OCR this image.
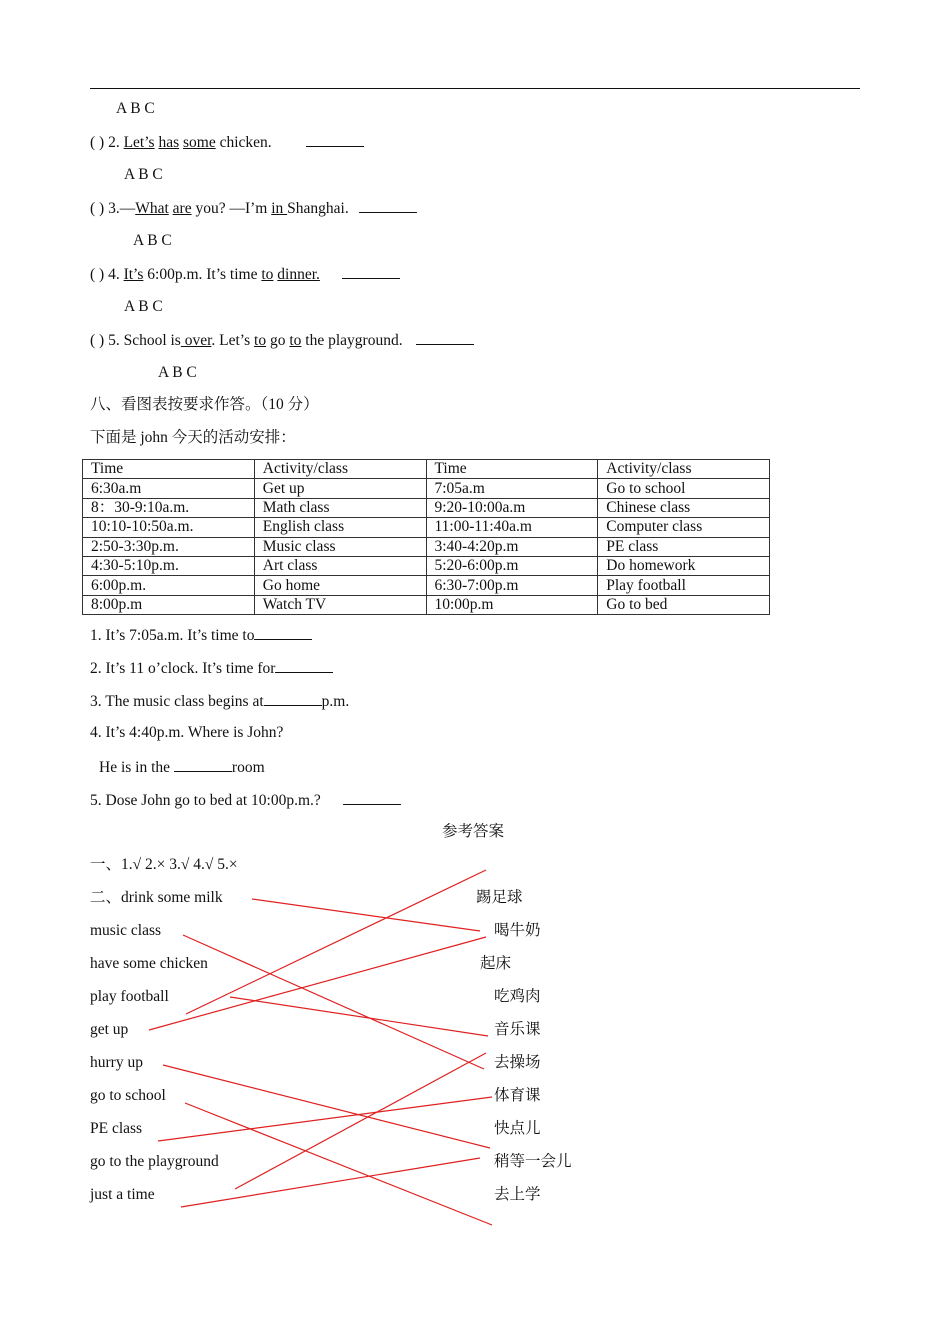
A B C
( ) 2. Let’s has some chicken.
A B C
( ) 3.—What are you? —I’m in Shanghai.
A B C
( ) 4. It’s 6:00p.m. It’s time to dinner.
A B C
( ) 5. School is over. Let’s to go to the playground.
A B C
八、看图表按要求作答。（10 分）
下面是 john 今天的活动安排：
Time	Activity/class	Time	Activity/class
6:30a.m	Get up	7:05a.m	Go to school
8：30-9:10a.m.	Math class	9:20-10:00a.m	Chinese class
10:10-10:50a.m.	English class	11:00-11:40a.m	Computer class
2:50-3:30p.m.	Music class	3:40-4:20p.m	PE class
4:30-5:10p.m.	Art class	5:20-6:00p.m	Do homework
6:00p.m.	Go home	6:30-7:00p.m	Play football
8:00p.m	Watch TV	10:00p.m	Go to bed
1. It’s 7:05a.m. It’s time to
2. It’s 11 o’clock. It’s time for
3. The music class begins at	p.m.
4. It’s 4:40p.m. Where is John?
He is in the	room
5. Dose John go to bed at 10:00p.m.?
参考答案
一、1.√ 2.× 3.√ 4.√ 5.×
二、drink some milk
music class
have some chicken
play football
get up
hurry up
go to school
PE class
go to the playground
just a time
踢足球
喝牛奶
起床
吃鸡肉
音乐课
去操场
体育课
快点儿
稍等一会儿
去上学
